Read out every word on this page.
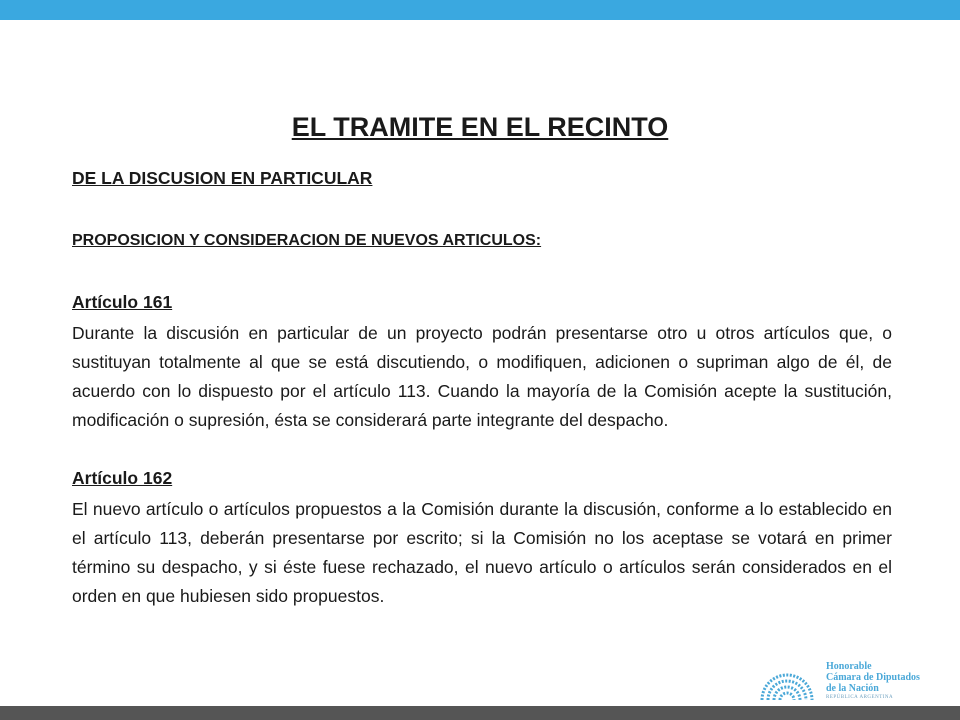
EL TRAMITE EN EL RECINTO

DE LA DISCUSION EN PARTICULAR

PROPOSICION Y CONSIDERACION DE NUEVOS ARTICULOS:

Artículo 161

Durante la discusión en particular de un proyecto podrán presentarse otro u otros artículos que, o sustituyan totalmente al que se está discutiendo, o modifiquen, adicionen o supriman algo de él, de acuerdo con lo dispuesto por el artículo 113. Cuando la mayoría de la Comisión acepte la sustitución, modificación o supresión, ésta se considerará parte integrante del despacho.

Artículo 162

El nuevo artículo o artículos propuestos a la Comisión durante la discusión, conforme a lo establecido en el artículo 113, deberán presentarse por escrito; si la Comisión no los aceptase se votará en primer término su despacho, y si éste fuese rechazado, el nuevo artículo o artículos serán considerados en el orden en que hubiesen sido propuestos.

Honorable
Cámara de Diputados
de la Nación
REPÚBLICA ARGENTINA
